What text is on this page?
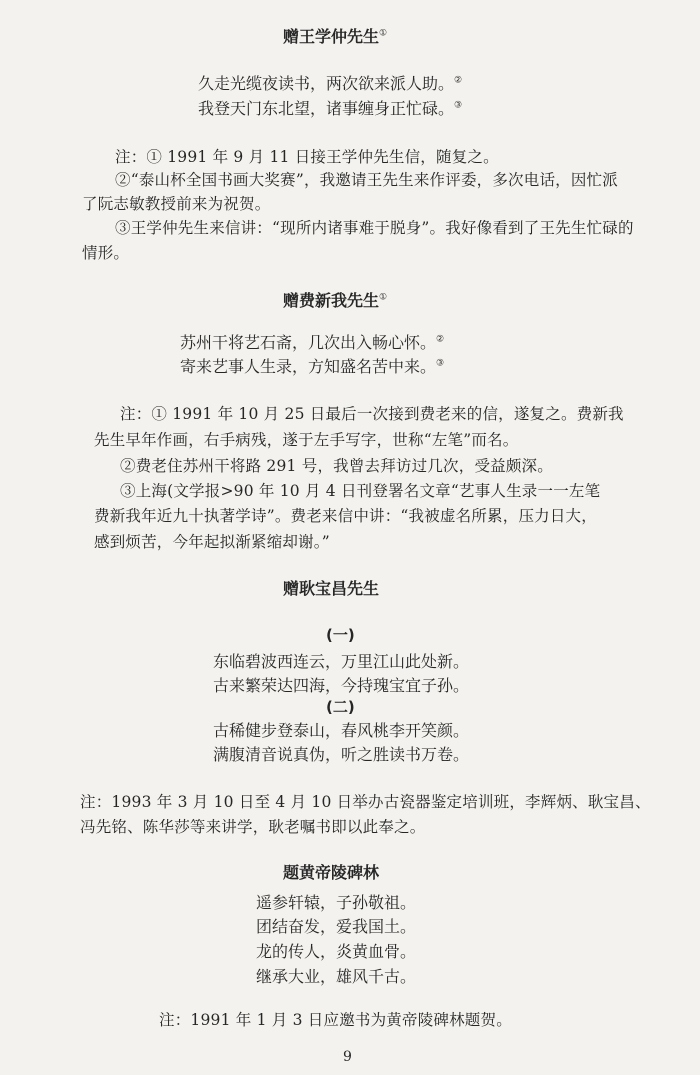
赠王学仲先生①
久走光缆夜读书，两次欲来派人助。②
我登天门东北望，诸事缠身正忙碌。③
注：① 1991 年 9 月 11 日接王学仲先生信，随复之。
②“泰山杯全国书画大奖赛”，我邀请王先生来作评委，多次电话，因忙派
了阮志敏教授前来为祝贺。
③王学仲先生来信讲：“现所内诸事难于脱身”。我好像看到了王先生忙碌的
情形。
赠费新我先生①
苏州干将艺石斋，几次出入畅心怀。②
寄来艺事人生录，方知盛名苦中来。③
注：① 1991 年 10 月 25 日最后一次接到费老来的信，遂复之。费新我
先生早年作画，右手病残，遂于左手写字，世称“左笔”而名。
②费老住苏州干将路 291 号，我曾去拜访过几次，受益颇深。
③上海(文学报>90 年 10 月 4 日刊登署名文章“艺事人生录一一左笔
费新我年近九十执著学诗”。费老来信中讲：“我被虚名所累，压力日大，
感到烦苦，今年起拟渐紧缩却谢。”
赠耿宝昌先生
(一)
东临碧波西连云，万里江山此处新。
古来繁荣达四海，今持瑰宝宜子孙。
(二)
古稀健步登泰山，春风桃李开笑颜。
满腹清音说真伪，听之胜读书万卷。
注：1993 年 3 月 10 日至 4 月 10 日举办古瓷器鉴定培训班，李辉炳、耿宝昌、
冯先铭、陈华莎等来讲学，耿老嘱书即以此奉之。
题黄帝陵碑林
遥参轩辕，子孙敬祖。
团结奋发，爱我国土。
龙的传人，炎黄血骨。
继承大业，雄风千古。
注：1991 年 1 月 3 日应邀书为黄帝陵碑林题贺。
9
